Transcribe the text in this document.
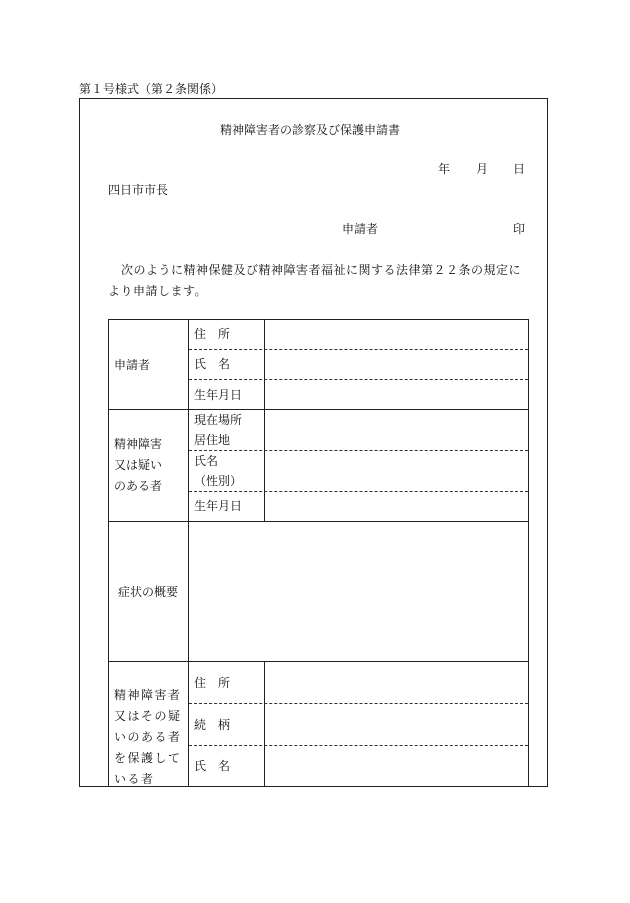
第１号様式（第２条関係）
精神障害者の診察及び保護申請書
年 月 日
四日市市長
申請者	印
次のように精神保健及び精神障害者福祉に関する法律第２２条の規定に
より申請します。
申請者
住　所
氏　名
生年月日
精神障害
又は疑い
のある者
現在場所
居住地
氏名
（性別）
生年月日
症状の概要
精神障害者
又はその疑
いのある者
を保護して
いる者
住　所
続　柄
氏　名
